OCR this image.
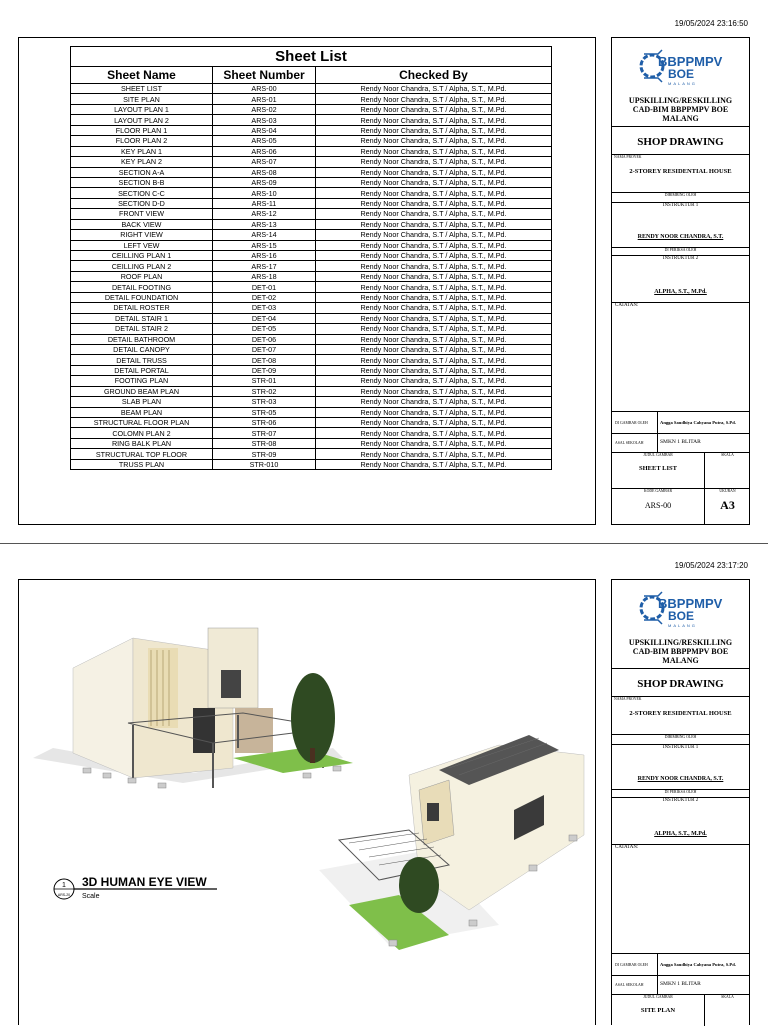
19/05/2024 23:16:50
Sheet List		
Sheet Name	Sheet Number	Checked By
SHEET LIST	ARS-00	Rendy Noor Chandra, S.T / Alpha, S.T., M.Pd.
SITE PLAN	ARS-01	Rendy Noor Chandra, S.T / Alpha, S.T., M.Pd.
LAYOUT PLAN 1	ARS-02	Rendy Noor Chandra, S.T / Alpha, S.T., M.Pd.
LAYOUT PLAN 2	ARS-03	Rendy Noor Chandra, S.T / Alpha, S.T., M.Pd.
FLOOR PLAN 1	ARS-04	Rendy Noor Chandra, S.T / Alpha, S.T., M.Pd.
FLOOR PLAN 2	ARS-05	Rendy Noor Chandra, S.T / Alpha, S.T., M.Pd.
KEY PLAN 1	ARS-06	Rendy Noor Chandra, S.T / Alpha, S.T., M.Pd.
KEY PLAN 2	ARS-07	Rendy Noor Chandra, S.T / Alpha, S.T., M.Pd.
SECTION A-A	ARS-08	Rendy Noor Chandra, S.T / Alpha, S.T., M.Pd.
SECTION B-B	ARS-09	Rendy Noor Chandra, S.T / Alpha, S.T., M.Pd.
SECTION C-C	ARS-10	Rendy Noor Chandra, S.T / Alpha, S.T., M.Pd.
SECTION D-D	ARS-11	Rendy Noor Chandra, S.T / Alpha, S.T., M.Pd.
FRONT VIEW	ARS-12	Rendy Noor Chandra, S.T / Alpha, S.T., M.Pd.
BACK VIEW	ARS-13	Rendy Noor Chandra, S.T / Alpha, S.T., M.Pd.
RIGHT VIEW	ARS-14	Rendy Noor Chandra, S.T / Alpha, S.T., M.Pd.
LEFT VEW	ARS-15	Rendy Noor Chandra, S.T / Alpha, S.T., M.Pd.
CEILLING PLAN 1	ARS-16	Rendy Noor Chandra, S.T / Alpha, S.T., M.Pd.
CEILLING PLAN 2	ARS-17	Rendy Noor Chandra, S.T / Alpha, S.T., M.Pd.
ROOF PLAN	ARS-18	Rendy Noor Chandra, S.T / Alpha, S.T., M.Pd.
DETAIL FOOTING	DET-01	Rendy Noor Chandra, S.T / Alpha, S.T., M.Pd.
DETAIL FOUNDATION	DET-02	Rendy Noor Chandra, S.T / Alpha, S.T., M.Pd.
DETAIL ROSTER	DET-03	Rendy Noor Chandra, S.T / Alpha, S.T., M.Pd.
DETAIL STAIR 1	DET-04	Rendy Noor Chandra, S.T / Alpha, S.T., M.Pd.
DETAIL STAIR 2	DET-05	Rendy Noor Chandra, S.T / Alpha, S.T., M.Pd.
DETAIL BATHROOM	DET-06	Rendy Noor Chandra, S.T / Alpha, S.T., M.Pd.
DETAIL CANOPY	DET-07	Rendy Noor Chandra, S.T / Alpha, S.T., M.Pd.
DETAIL TRUSS	DET-08	Rendy Noor Chandra, S.T / Alpha, S.T., M.Pd.
DETAIL PORTAL	DET-09	Rendy Noor Chandra, S.T / Alpha, S.T., M.Pd.
FOOTING PLAN	STR-01	Rendy Noor Chandra, S.T / Alpha, S.T., M.Pd.
GROUND BEAM PLAN	STR-02	Rendy Noor Chandra, S.T / Alpha, S.T., M.Pd.
SLAB PLAN	STR-03	Rendy Noor Chandra, S.T / Alpha, S.T., M.Pd.
BEAM PLAN	STR-05	Rendy Noor Chandra, S.T / Alpha, S.T., M.Pd.
STRUCTURAL FLOOR PLAN	STR-06	Rendy Noor Chandra, S.T / Alpha, S.T., M.Pd.
COLOMN PLAN 2	STR-07	Rendy Noor Chandra, S.T / Alpha, S.T., M.Pd.
RING BALK PLAN	STR-08	Rendy Noor Chandra, S.T / Alpha, S.T., M.Pd.
STRUCTURAL TOP FLOOR	STR-09	Rendy Noor Chandra, S.T / Alpha, S.T., M.Pd.
TRUSS PLAN	STR-010	Rendy Noor Chandra, S.T / Alpha, S.T., M.Pd.
BBPPMPV
BOE
MALANG
UPSKILLING/RESKILLING
CAD-BIM BBPPMPV BOE
MALANG
SHOP DRAWING
NAMA PROYEK
2-STOREY RESIDENTIAL HOUSE
DIBIMBING OLEH
INSTRUKTUR 1
RENDY NOOR CHANDRA, S.T.
DI PERIKSA OLEH
INSTRUKTUR 2
ALPHA, S.T., M.Pd.
CATATAN:
DI GAMBAR OLEH	Angga Saudhiya Cahyana Putra, S.Pd.
ASAL SEKOLAH	SMKN 1 BLITAR
JUDUL GAMBAR
SHEET LIST
SKALA
KODE GAMBAR
ARS-00
UKURAN
A3
19/05/2024 23:17:20
1
ARS-20
3D HUMAN EYE VIEW
Scale
BBPPMPV
BOE
MALANG
UPSKILLING/RESKILLING
CAD-BIM BBPPMPV BOE
MALANG
SHOP DRAWING
NAMA PROYEK
2-STOREY RESIDENTIAL HOUSE
DIBIMBING OLEH
INSTRUKTUR 1
RENDY NOOR CHANDRA, S.T.
DI PERIKSA OLEH
INSTRUKTUR 2
ALPHA, S.T., M.Pd.
CATATAN:
DI GAMBAR OLEH	Angga Saudhiya Cahyana Putra, S.Pd.
ASAL SEKOLAH	SMKN 1 BLITAR
JUDUL GAMBAR
SITE PLAN
SKALA
